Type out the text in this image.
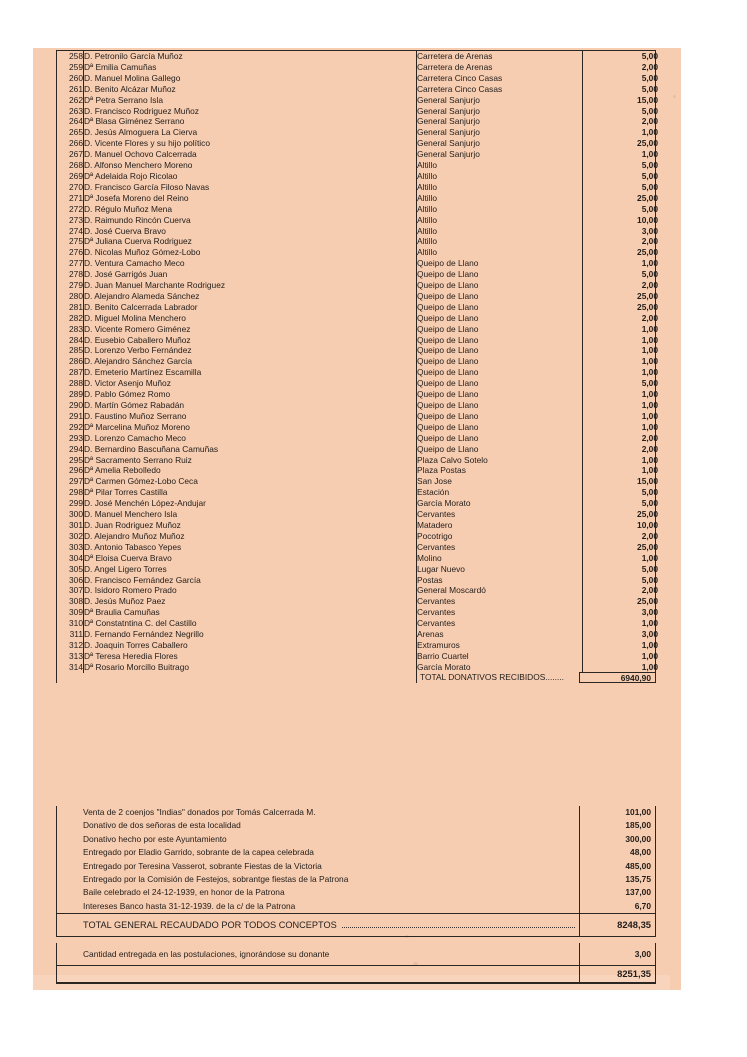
258	D. Petronilo García Muñoz	Carretera de Arenas	5,00
259	Dª Emilia Camuñas	Carretera de Arenas	2,00
260	D. Manuel Molina Gallego	Carretera Cinco Casas	5,00
261	D. Benito Alcázar Muñoz	Carretera Cinco Casas	5,00
262	Dª Petra Serrano Isla	General Sanjurjo	15,00
263	D. Francisco Rodriguez Muñoz	General Sanjurjo	5,00
264	Dª Blasa Giménez Serrano	General Sanjurjo	2,00
265	D. Jesús Almoguera La Cierva	General Sanjurjo	1,00
266	D. Vicente Flores y su hijo político	General Sanjurjo	25,00
267	D. Manuel Ochovo Calcerrada	General Sanjurjo	1,00
268	D. Alfonso Menchero Moreno	Altillo	5,00
269	Dª Adelaida Rojo Ricolao	Altillo	5,00
270	D. Francisco García Filoso Navas	Altillo	5,00
271	Dª Josefa Moreno del Reino	Altillo	25,00
272	D. Régulo Muñoz Mena	Altillo	5,00
273	D. Raimundo Rincón Cuerva	Altillo	10,00
274	D. José Cuerva Bravo	Altillo	3,00
275	Dª Juliana Cuerva Rodriguez	Altillo	2,00
276	D. Nicolas Muñoz Gómez-Lobo	Altillo	25,00
277	D. Ventura Camacho Meco	Queipo de Llano	1,00
278	D. José Garrigós Juan	Queipo de Llano	5,00
279	D. Juan Manuel Marchante Rodriguez	Queipo de Llano	2,00
280	D. Alejandro Alameda Sánchez	Queipo de Llano	25,00
281	D. Benito Calcerrada Labrador	Queipo de Llano	25,00
282	D. Miguel Molina Menchero	Queipo de Llano	2,00
283	D. Vicente Romero Giménez	Queipo de Llano	1,00
284	D. Eusebio Caballero Muñoz	Queipo de Llano	1,00
285	D. Lorenzo Verbo Fernández	Queipo de Llano	1,00
286	D. Alejandro Sánchez García	Queipo de Llano	1,00
287	D. Emeterio Martínez Escamilla	Queipo de Llano	1,00
288	D. Victor Asenjo Muñoz	Queipo de Llano	5,00
289	D. Pablo Gómez Romo	Queipo de Llano	1,00
290	D. Martín Gómez Rabadán	Queipo de Llano	1,00
291	D. Faustino Muñoz Serrano	Queipo de Llano	1,00
292	Dª Marcelina Muñoz Moreno	Queipo de Llano	1,00
293	D. Lorenzo Camacho Meco	Queipo de Llano	2,00
294	D. Bernardino Bascuñana Camuñas	Queipo de Llano	2,00
295	Dª Sacramento Serrano Ruiz	Plaza Calvo Sotelo	1,00
296	Dª Amelia Rebolledo	Plaza Postas	1,00
297	Dª Carmen Gómez-Lobo Ceca	San Jose	15,00
298	Dª Pilar Torres Castilla	Estación	5,00
299	D. José Menchén López-Andujar	García Morato	5,00
300	D. Manuel Menchero Isla	Cervantes	25,00
301	D. Juan Rodriguez Muñoz	Matadero	10,00
302	D. Alejandro Muñoz Muñoz	Pocotrigo	2,00
303	D. Antonio Tabasco Yepes	Cervantes	25,00
304	Dª Eloisa Cuerva Bravo	Molino	1,00
305	D. Angel Ligero Torres	Lugar Nuevo	5,00
306	D. Francisco Fernández García	Postas	5,00
307	D. Isidoro Romero Prado	General Moscardó	2,00
308	D. Jesús Muñoz Paez	Cervantes	25,00
309	Dª Braulia Camuñas	Cervantes	3,00
310	Dª Constatntina C. del Castillo	Cervantes	1,00
311	D. Fernando Fernández Negrillo	Arenas	3,00
312	D. Joaquin Torres Caballero	Extramuros	1,00
313	Dª Teresa Heredia Flores	Barrio Cuartel	1,00
314	Dª Rosario Morcillo Buitrago	García Morato	1,00
TOTAL DONATIVOS RECIBIDOS........	6940,90
Venta de 2 coenjos "Indias" donados por Tomás Calcerrada M.	101,00
Donativo de dos señoras de esta localidad	185,00
Donativo hecho por este Ayuntamiento	300,00
Entregado por Eladio Garrido, sobrante de la capea celebrada	48,00
Entregado por Teresina Vasserot, sobrante Fiestas de la Victoria	485,00
Entregado por la Comisión de Festejos, sobrantge fiestas de la Patrona	135,75
Baile celebrado el 24-12-1939, en honor de la Patrona	137,00
Intereses Banco hasta 31-12-1939. de la c/ de la Patrona	6,70
TOTAL GENERAL RECAUDADO POR TODOS CONCEPTOS	8248,35
Cantidad entregada en las postulaciones, ignorándose su donante	3,00
8251,35
